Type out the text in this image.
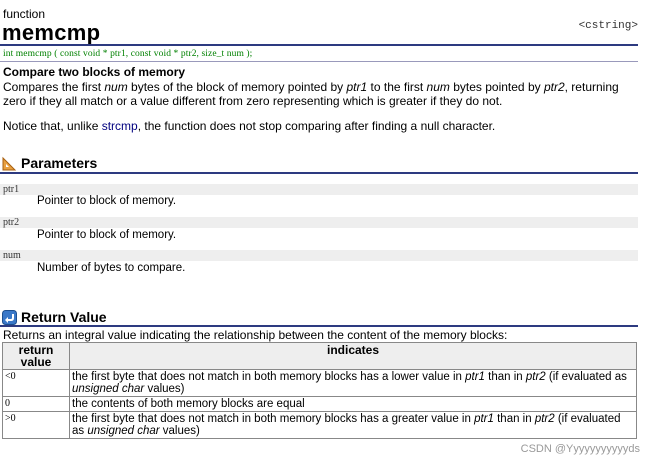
function
memcmp	<cstring>
int memcmp ( const void * ptr1, const void * ptr2, size_t num );
Compare two blocks of memory
Compares the first num bytes of the block of memory pointed by ptr1 to the first num bytes pointed by ptr2, returning zero if they all match or a value different from zero representing which is greater if they do not.
Notice that, unlike strcmp, the function does not stop comparing after finding a null character.
Parameters
ptr1
Pointer to block of memory.
ptr2
Pointer to block of memory.
num
Number of bytes to compare.
Return Value
Returns an integral value indicating the relationship between the content of the memory blocks:
return value	indicates
<0	the first byte that does not match in both memory blocks has a lower value in ptr1 than in ptr2 (if evaluated as unsigned char values)
0	the contents of both memory blocks are equal
>0	the first byte that does not match in both memory blocks has a greater value in ptr1 than in ptr2 (if evaluated as unsigned char values)
CSDN @Yyyyyyyyyyyds
